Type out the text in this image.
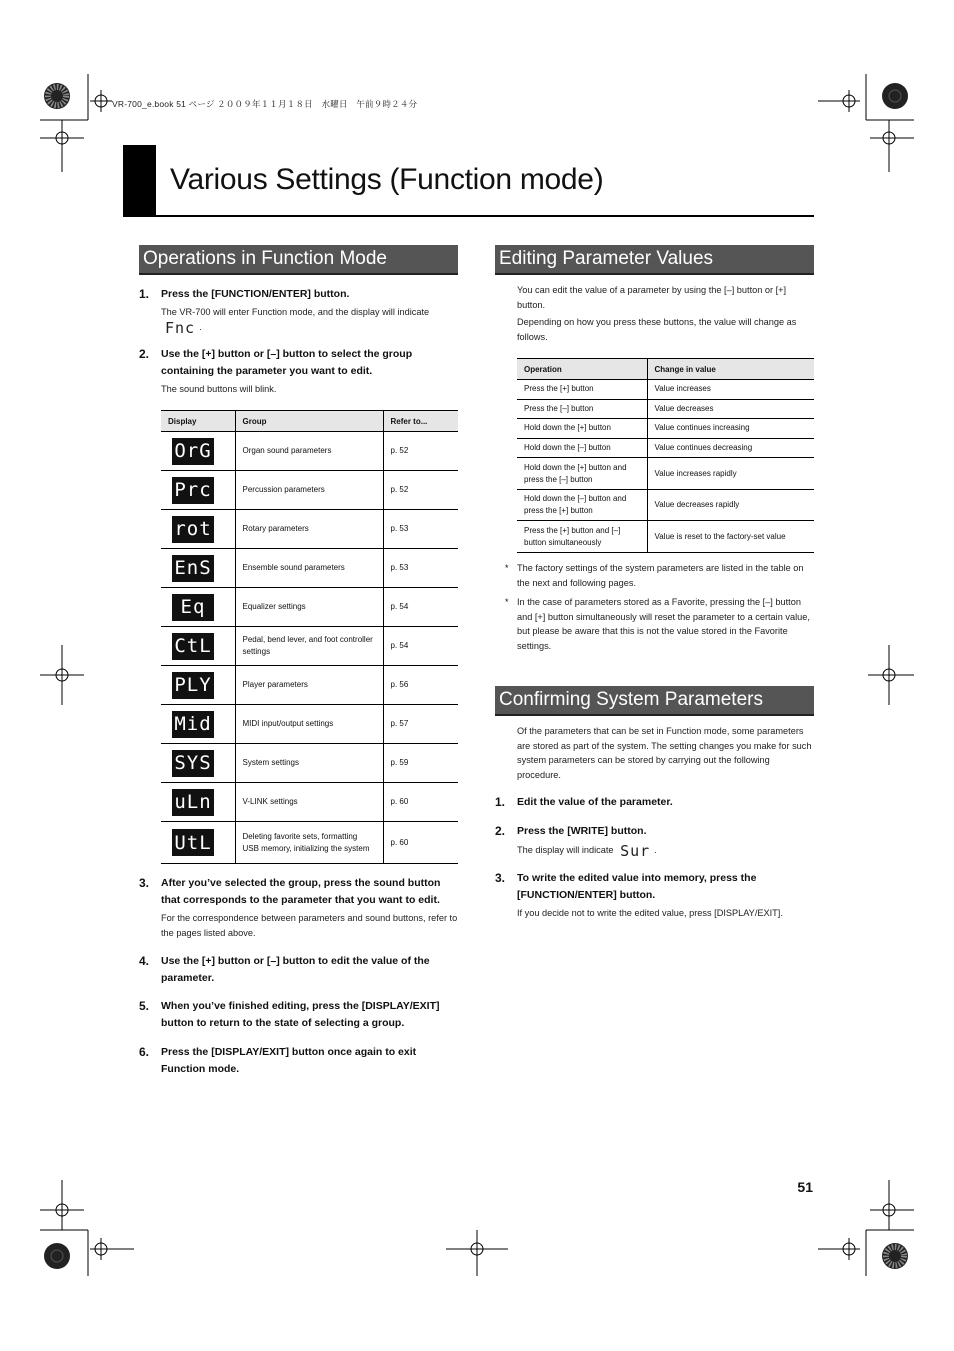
VR-700_e.book 51 ページ ２００９年１１月１８日　水曜日　午前９時２４分
Various Settings (Function mode)
Operations in Function Mode
1. Press the [FUNCTION/ENTER] button.
The VR-700 will enter Function mode, and the display will indicate
Fnc .
2. Use the [+] button or [–] button to select the group containing the parameter you want to edit.
The sound buttons will blink.
Display	Group	Refer to...

OrG	Organ sound parameters	p. 52

Prc	Percussion parameters	p. 52

rot	Rotary parameters	p. 53

EnS	Ensemble sound parameters	p. 53

Eq	Equalizer settings	p. 54

CtL	Pedal, bend lever, and foot controller settings	p. 54

PLY	Player parameters	p. 56

Mid	MIDI input/output settings	p. 57

SYS	System settings	p. 59

uLn	V-LINK settings	p. 60

UtL	Deleting favorite sets, formatting USB memory, initializing the system	p. 60
3. After you’ve selected the group, press the sound button that corresponds to the parameter that you want to edit.
For the correspondence between parameters and sound buttons, refer to the pages listed above.
4. Use the [+] button or [–] button to edit the value of the parameter.
5. When you’ve finished editing, press the [DISPLAY/EXIT] button to return to the state of selecting a group.
6. Press the [DISPLAY/EXIT] button once again to exit Function mode.
Editing Parameter Values
You can edit the value of a parameter by using the [–] button or [+] button.
Depending on how you press these buttons, the value will change as follows.
Operation	Change in value
Press the [+] button	Value increases
Press the [–] button	Value decreases
Hold down the [+] button	Value continues increasing
Hold down the [–] button	Value continues decreasing
Hold down the [+] button and press the [–] button	Value increases rapidly
Hold down the [–] button and press the [+] button	Value decreases rapidly
Press the [+] button and [–] button simultaneously	Value is reset to the factory-set value
* The factory settings of the system parameters are listed in the table on the next and following pages.
* In the case of parameters stored as a Favorite, pressing the [–] button and [+] button simultaneously will reset the parameter to a certain value, but please be aware that this is not the value stored in the Favorite settings.
Confirming System Parameters
Of the parameters that can be set in Function mode, some parameters are stored as part of the system. The setting changes you make for such system parameters can be stored by carrying out the following procedure.
1. Edit the value of the parameter.
2. Press the [WRITE] button.
The display will indicate Sur .
3. To write the edited value into memory, press the [FUNCTION/ENTER] button.
If you decide not to write the edited value, press [DISPLAY/EXIT].
51
